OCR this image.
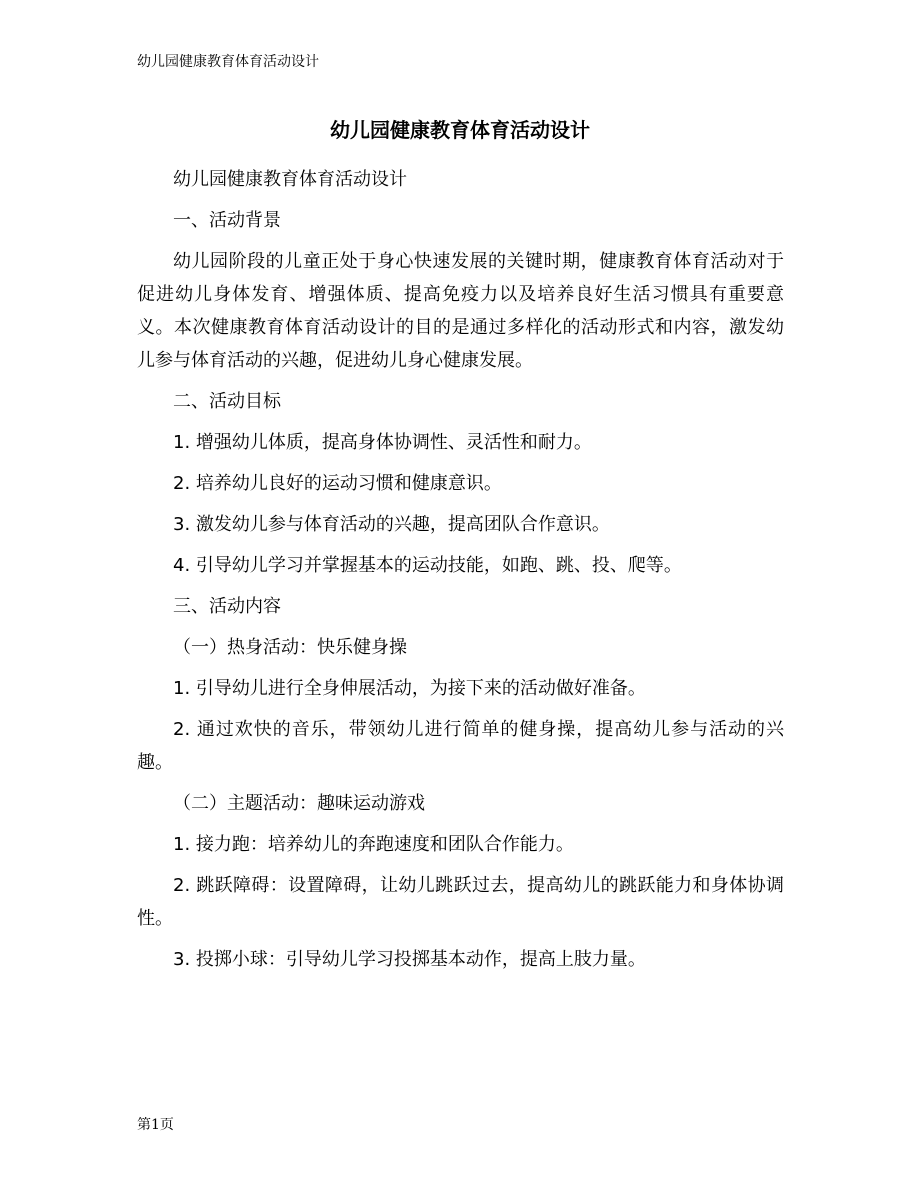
幼儿园健康教育体育活动设计
幼儿园健康教育体育活动设计

幼儿园健康教育体育活动设计

一、活动背景

幼儿园阶段的儿童正处于身心快速发展的关键时期，健康教育体育活动对于促进幼儿身体发育、增强体质、提高免疫力以及培养良好生活习惯具有重要意义。本次健康教育体育活动设计的目的是通过多样化的活动形式和内容，激发幼儿参与体育活动的兴趣，促进幼儿身心健康发展。

二、活动目标

1. 增强幼儿体质，提高身体协调性、灵活性和耐力。

2. 培养幼儿良好的运动习惯和健康意识。

3. 激发幼儿参与体育活动的兴趣，提高团队合作意识。

4. 引导幼儿学习并掌握基本的运动技能，如跑、跳、投、爬等。

三、活动内容

（一）热身活动：快乐健身操

1. 引导幼儿进行全身伸展活动，为接下来的活动做好准备。

2. 通过欢快的音乐，带领幼儿进行简单的健身操，提高幼儿参与活动的兴趣。

（二）主题活动：趣味运动游戏

1. 接力跑：培养幼儿的奔跑速度和团队合作能力。

2. 跳跃障碍：设置障碍，让幼儿跳跃过去，提高幼儿的跳跃能力和身体协调性。

3. 投掷小球：引导幼儿学习投掷基本动作，提高上肢力量。

第1页
